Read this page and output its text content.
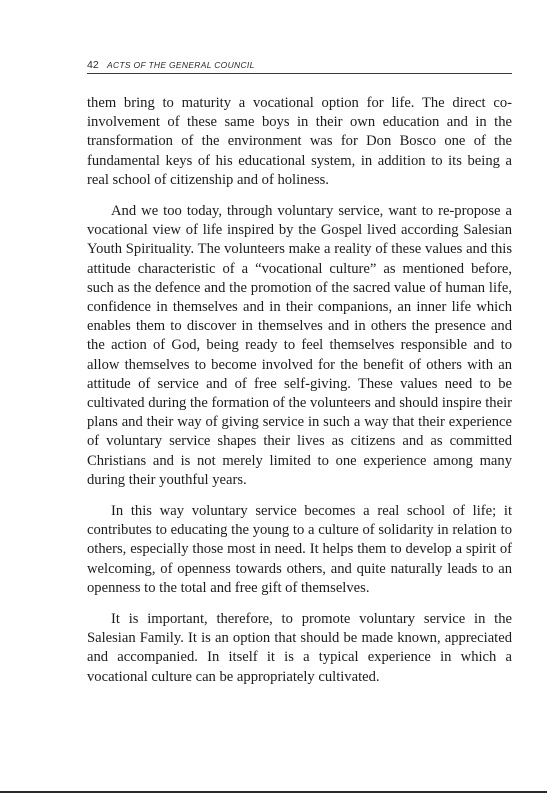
42 ACTS OF THE GENERAL COUNCIL

them bring to maturity a vocational option for life. The direct co-involvement of these same boys in their own education and in the transformation of the environment was for Don Bosco one of the fundamental keys of his educational system, in addition to its being a real school of citizenship and of holiness.

And we too today, through voluntary service, want to re-propose a vocational view of life inspired by the Gospel lived according Salesian Youth Spirituality. The volunteers make a reality of these values and this attitude characteristic of a “vocational culture” as mentioned before, such as the defence and the promotion of the sacred value of human life, confidence in themselves and in their companions, an inner life which enables them to discover in themselves and in others the presence and the action of God, being ready to feel themselves responsible and to allow themselves to become involved for the benefit of others with an attitude of service and of free self-giving. These values need to be cultivated during the formation of the volunteers and should inspire their plans and their way of giving service in such a way that their experience of voluntary service shapes their lives as citizens and as committed Christians and is not merely limited to one experience among many during their youthful years.

In this way voluntary service becomes a real school of life; it contributes to educating the young to a culture of solidarity in relation to others, especially those most in need. It helps them to develop a spirit of welcoming, of openness towards others, and quite naturally leads to an openness to the total and free gift of themselves.

It is important, therefore, to promote voluntary service in the Salesian Family. It is an option that should be made known, appreciated and accompanied. In itself it is a typical experience in which a vocational culture can be appropriately cultivated.
